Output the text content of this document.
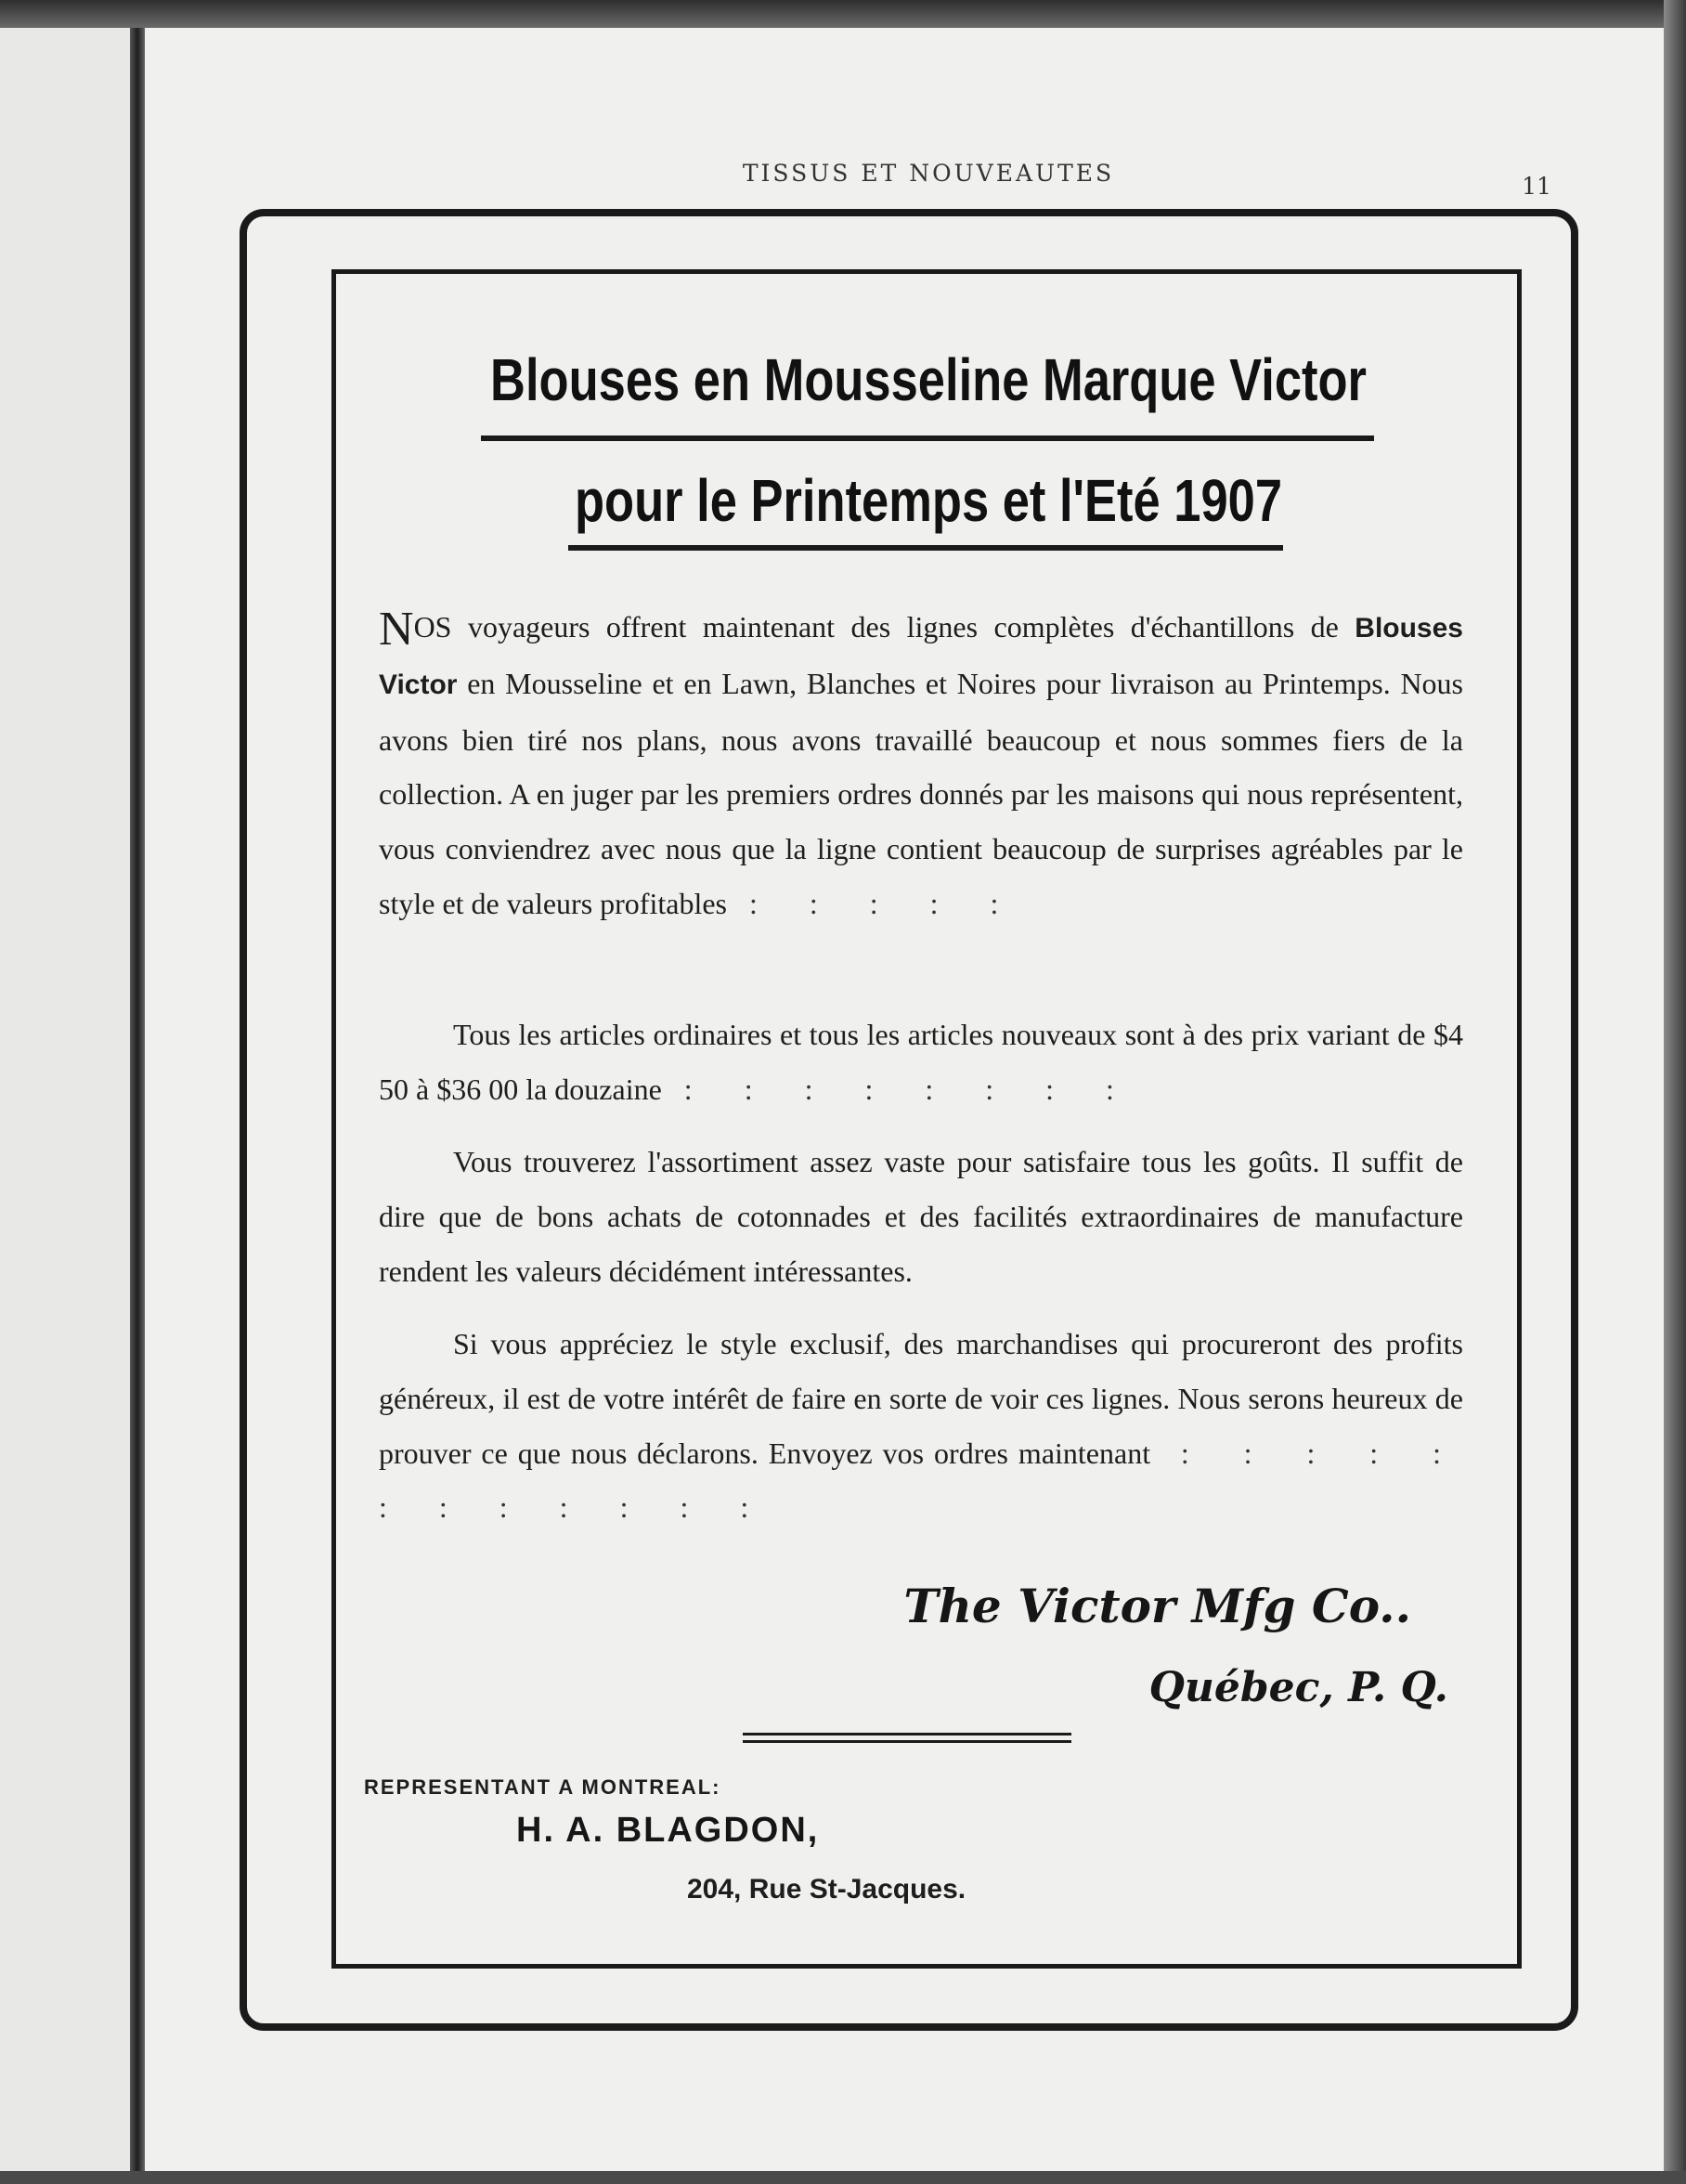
TISSUS ET NOUVEAUTES	11
Blouses en Mousseline Marque Victor
pour le Printemps et l'Eté 1907
NOS voyageurs offrent maintenant des lignes complètes d'échantillons de Blouses Victor en Mousseline et en Lawn, Blanches et Noires pour livraison au Printemps. Nous avons bien tiré nos plans, nous avons travaillé beaucoup et nous sommes fiers de la collection. A en juger par les premiers ordres donnés par les maisons qui nous représentent, vous conviendrez avec nous que la ligne contient beaucoup de surprises agréables par le style et de valeurs profitables : : : : :
Tous les articles ordinaires et tous les articles nouveaux sont à des prix variant de $4 50 à $36 00 la douzaine : : : : : : : :
Vous trouverez l'assortiment assez vaste pour satisfaire tous les goûts. Il suffit de dire que de bons achats de cotonnades et des facilités extraordinaires de manufacture rendent les valeurs décidément intéressantes.
Si vous appréciez le style exclusif, des marchandises qui procureront des profits généreux, il est de votre intérêt de faire en sorte de voir ces lignes. Nous serons heureux de prouver ce que nous déclarons. Envoyez vos ordres maintenant : : : : : : : : : : : :
The Victor Mfg Co..
Québec, P. Q.
REPRESENTANT A MONTREAL:
H. A. BLAGDON,
204, Rue St-Jacques.
